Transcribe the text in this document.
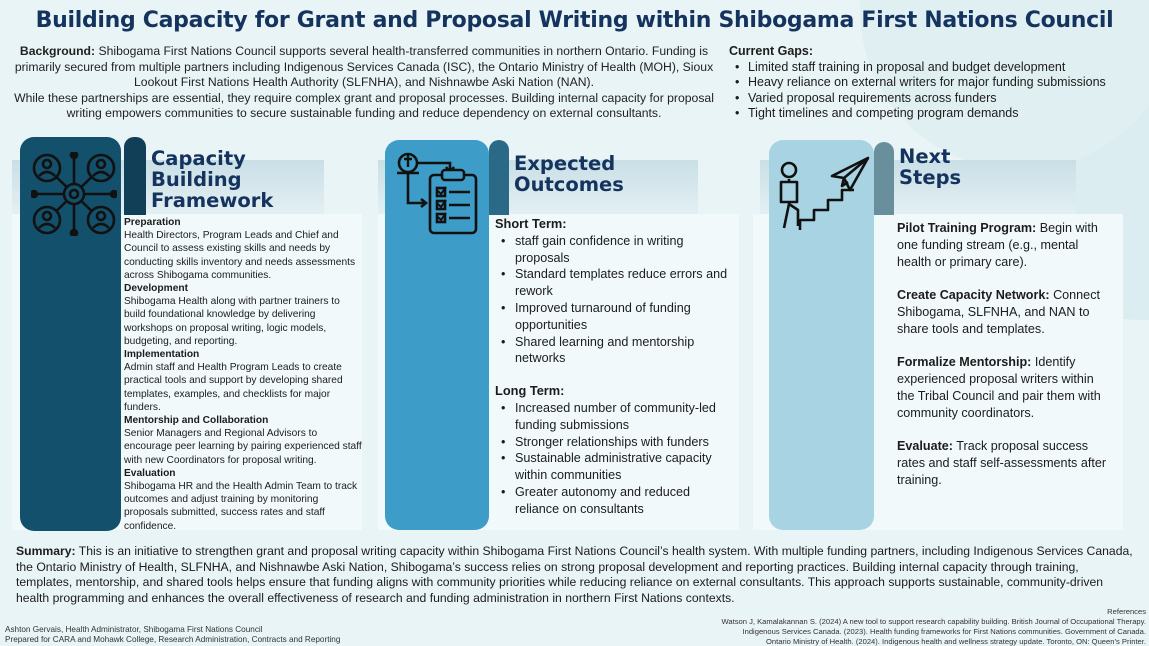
Building Capacity for Grant and Proposal Writing within Shibogama First Nations Council
Background: Shibogama First Nations Council supports several health-transferred communities in northern Ontario. Funding is primarily secured from multiple partners including Indigenous Services Canada (ISC), the Ontario Ministry of Health (MOH), Sioux Lookout First Nations Health Authority (SLFNHA), and Nishnawbe Aski Nation (NAN).
While these partnerships are essential, they require complex grant and proposal processes. Building internal capacity for proposal writing empowers communities to secure sustainable funding and reduce dependency on external consultants.
Current Gaps:
• Limited staff training in proposal and budget development
• Heavy reliance on external writers for major funding submissions
• Varied proposal requirements across funders
• Tight timelines and competing program demands
Capacity
Building
Framework
Preparation
Health Directors, Program Leads and Chief and Council to assess existing skills and needs by conducting skills inventory and needs assessments across Shibogama communities.
Development
Shibogama Health along with partner trainers to build foundational knowledge by delivering workshops on proposal writing, logic models, budgeting, and reporting.
Implementation
Admin staff and Health Program Leads to create practical tools and support by developing shared templates, examples, and checklists for major funders.
Mentorship and Collaboration
Senior Managers and Regional Advisors to encourage peer learning by pairing experienced staff with new Coordinators for proposal writing.
Evaluation
Shibogama HR and the Health Admin Team to track outcomes and adjust training by monitoring proposals submitted, success rates and staff confidence.
Expected
Outcomes
Short Term:
• staff gain confidence in writing proposals
• Standard templates reduce errors and rework
• Improved turnaround of funding opportunities
• Shared learning and mentorship networks
Long Term:
• Increased number of community-led funding submissions
• Stronger relationships with funders
• Sustainable administrative capacity within communities
• Greater autonomy and reduced reliance on consultants
Next
Steps
Pilot Training Program: Begin with one funding stream (e.g., mental health or primary care).
Create Capacity Network: Connect Shibogama, SLFNHA, and NAN to share tools and templates.
Formalize Mentorship: Identify experienced proposal writers within the Tribal Council and pair them with community coordinators.
Evaluate: Track proposal success rates and staff self-assessments after training.
Summary: This is an initiative to strengthen grant and proposal writing capacity within Shibogama First Nations Council’s health system. With multiple funding partners, including Indigenous Services Canada, the Ontario Ministry of Health, SLFNHA, and Nishnawbe Aski Nation, Shibogama’s success relies on strong proposal development and reporting practices. Building internal capacity through training, templates, mentorship, and shared tools helps ensure that funding aligns with community priorities while reducing reliance on external consultants. This approach supports sustainable, community-driven health programming and enhances the overall effectiveness of research and funding administration in northern First Nations contexts.
Ashton Gervais, Health Administrator, Shibogama First Nations Council
Prepared for CARA and Mohawk College, Research Administration, Contracts and Reporting
References
Watson J, Kamalakannan S. (2024) A new tool to support research capability building. British Journal of Occupational Therapy.
Indigenous Services Canada. (2023). Health funding frameworks for First Nations communities. Government of Canada.
Ontario Ministry of Health. (2024). Indigenous health and wellness strategy update. Toronto, ON: Queen’s Printer.
